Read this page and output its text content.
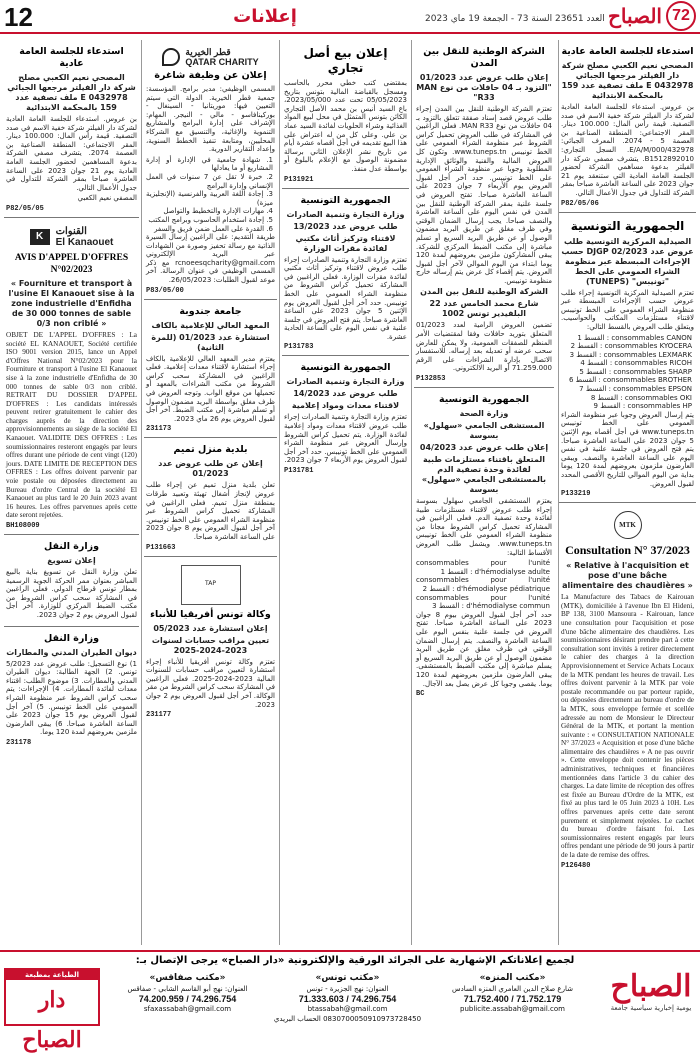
12	إعلانات	العدد 23651 السنة 73 - الجمعة 19 ماي 2023 الصباح 72
استدعاء للجلسة العامة عادية
المصحي نعيم الكعبي مصلح شركة دار الفيلتر مرجعها الجبائي 0432978 E ملف تصفية عدد 159 بالمحكمة الابتدائية
بن عروس. استدعاء للجلسة العامة العادية لشركة دار الفيلتر شركة خفية الاسم في صدد التصفية. قيمة رأس المال: 100.000 دينار. المقر الاجتماعي: المنطقة الصناعية بن العصمة 5 - 2074. المعرف الجبائي: 432978/E/A/M/000. السجل التجاري: B1512892010. يتشرف مصفي شركة دار الفيلتر بدعوة مساهمي الشركة لحضور الجلسة العامة العادية التي ستنعقد يوم 21 جوان 2023 على الساعة العاشرة صباحا بمقر الشركة للتداول في جدول الأعمال التالي.
P82/05/06
الجمهورية التونسية
الصيدلية المركزية التونسية طلب عروض عدد DJGP 02/2023 حسب الإجراءات المبسطة عبر منظومة الشراء العمومي على الخط "تونيبس" (TUNEPS)
تعتزم الصيدلية المركزية التونسية إجراء طلب عروض حسب الإجراءات المبسطة عبر منظومة الشراء العمومي على الخط تونيبس لاقتناء مستلزمات المكاتب والحواسيب. ويتعلق طلب العروض بالقسط التالي:
consommables CANON : القسط 1
consommables KYOCERA : القسط 2
consommables LEXMARK : القسط 3
consommables RICOH : القسط 4
consommables SHARP : القسط 5
consommables BROTHER : القسط 6
consommables EPSON : القسط 7
consommables OKI : القسط 8
consommables HP : القسط 9
يتم إرسال العروض وجوبا عبر منظومة الشراء العمومي على الخط تونيبس www.tuneps.tn في أجل أقصاه يوم الإثنين 5 جوان 2023 على الساعة العاشرة صباحا. يتم فتح العروض في جلسة علنية في نفس اليوم على الساعة العاشرة والنصف. ويبقى العارضون ملزمون بعروضهم لمدة 120 يوما بداية من اليوم الموالي للتاريخ الأقصى المحدد لقبول العروض.
P133219
MTK
Consultation N° 37/2023
« Relative à l'acquisition et pose d'une bâche alimentaire des chaudières »
La Manufacture des Tabacs de Kairouan (MTK), domiciliée à l'avenue Ibn El Hideni, BP 138, 3100 Mansoura - Kairouan, lance une consultation pour l'acquisition et pose d'une bâche alimentaire des chaudières. Les soumissionnaires désirant prendre part à cette consultation sont invités à retirer directement le cahier des charges à la direction Approvisionnement et Service Achats Locaux de la MTK pendant les heures de travail. Les offres doivent parvenir à la MTK par voie postale recommandée ou par porteur rapide, ou déposées directement au bureau d'ordre de la MTK, sous enveloppe fermée et scellée adressée au nom de Monsieur le Directeur Général de la MTK, et portant la mention suivante : « CONSULTATION NATIONALE N° 37/2023 « Acquisition et pose d'une bâche alimentaire des chaudières » A ne pas ouvrir ». Cette enveloppe doit contenir les pièces administratives, techniques et financières mentionnées dans l'article 3 du cahier des charges. La date limite de réception des offres est fixée au Bureau d'Ordre de la MTK, est fixé au plus tard le 05 Juin 2023 à 10H. Les offres parvenues après cette date seront purement et simplement rejetées. Le cachet du bureau d'ordre faisant foi. Les soumissionnaires restent engagés par leurs offres pendant une période de 90 jours à partir de la date de remise des offres.
P126480
الشركة الوطنية للنقل بين المدن
إعلان طلب عروض عدد 01/2023 "التزود بـ 04 حافلات من نوع MAN R33"
تعتزم الشركة الوطنية للنقل بين المدن إجراء طلب عروض قصد إسناد صفقة تتعلق بالتزود بـ 04 حافلات من نوع MAN R33. فعلى الراغبين في المشاركة في طلب العروض تحميل كراس الشروط عبر منظومة الشراء العمومي على الخط تونيبس www.tuneps.tn. وتكون كل العروض المالية والفنية والوثائق الإدارية المطلوبة وجوبا عبر منظومة الشراء العمومي على الخط تونيبس. حدد آخر أجل لقبول العروض يوم الأربعاء 7 جوان 2023 على الساعة العاشرة صباحا. تفتح العروض في جلسة علنية بمقر الشركة الوطنية للنقل بين المدن في نفس اليوم على الساعة العاشرة والنصف صباحا. يجب إرسال الضمان الوقتي وفي ظرف مغلق عن طريق البريد مضمون الوصول أو عن طريق البريد السريع أو تسلم مباشرة إلى مكتب الضبط المركزي للشركة. يبقى المشاركون ملزمين بعروضهم لمدة 120 يوما ابتداء من اليوم الموالي لآخر أجل لقبول العروض. يتم إقصاء كل عرض يتم إرساله خارج منظومة تونيبس.
الشركة الوطنية للنقل بين المدن
شارع محمد الخامس عدد 22 البلفيدير تونس 1002
تضمين العروض الرامية لعدد 01/2023 المتعلق بتوريد حافلات وفقا لمقتضيات الأمر المنظم للصفقات العمومية، ولا يمكن للعارض سحب عرضه أو تعديله بعد إرساله. للاستفسار الاتصال بإدارة الشراءات على الرقم 71.259.000 أو البريد الالكتروني.
P132853
الجمهورية التونسية
وزارة الصحة
المستشفى الجامعي «سهلول» بسوسة
إعلان طلب عروض عدد 04/2023
المتعلق باقتناء مستلزمات طبية لفائدة وحدة تصفية الدم بالمستشفى الجامعي «سهلول» بسوسة
يعتزم المستشفى الجامعي سهلول بسوسة إجراء طلب عروض لاقتناء مستلزمات طبية لفائدة وحدة تصفية الدم. فعلى الراغبين في المشاركة تحميل كراس الشروط مجانا من منظومة الشراء العمومي على الخط تونيبس www.tuneps.tn. ويشمل طلب العروض الأقساط التالية:
consommables pour l'unité d'hémodialyse adulte : القسط 1
consommables pour l'unité d'hémodialyse pédiatrique : القسط 2
consommables pour l'unité d'hémodialyse commun : القسط 3
حدد آخر أجل لقبول العروض بيوم 8 جوان 2023 على الساعة العاشرة صباحا. تفتح العروض في جلسة علنية بنفس اليوم على الساعة العاشرة والنصف. يتم إرسال الضمان الوقتي في ظرف مغلق عن طريق البريد مضمون الوصول أو عن طريق البريد السريع أو يسلم مباشرة إلى مكتب الضبط بالمستشفى. يبقى العارضون ملزمين بعروضهم لمدة 120 يوما. يقصى وجوبا كل عرض يصل بعد الآجال.
BC
إعلان بيع أصل تجاري
بمقتضى كتب خطي محرر بالحاسب ومسجل بالقباضة المالية بتونس بتاريخ 05/05/2023 تحت عدد 2023/05/000، باع السيد أنيس بن محمد الأصل التجاري الكائن بتونس المتمثل في محل لبيع المواد الغذائية وشراء الحلويات لفائدة السيد عماد بن علي. وعلى كل من له اعتراض على هذا البيع تقديمه في أجل أقصاه عشرة أيام من تاريخ نشر الإعلان الثاني برسالة مضمونة الوصول مع الإعلام بالبلوغ أو بواسطة عدل منفذ.
P131921
الجمهورية التونسية
وزارة التجارة وتنمية الصادرات
طلب عروض عدد 13/2023
لاقتناء وتركيز أثاث مكتبي لفائدة مقرات الوزارة
تعتزم وزارة التجارة وتنمية الصادرات إجراء طلب عروض لاقتناء وتركيز أثاث مكتبي لفائدة مقرات الوزارة. فعلى الراغبين في المشاركة تحميل كراس الشروط من منظومة الشراء العمومي على الخط تونيبس. حدد آخر أجل لقبول العروض يوم الإثنين 5 جوان 2023 على الساعة العاشرة صباحا. يتم فتح العروض في جلسة علنية في نفس اليوم على الساعة الحادية عشرة.
P131783
الجمهورية التونسية
وزارة التجارة وتنمية الصادرات
طلب عروض عدد 14/2023
لاقتناء معدات ومواد إعلامية
تعتزم وزارة التجارة وتنمية الصادرات إجراء طلب عروض لاقتناء معدات ومواد إعلامية لفائدة الوزارة. يتم تحميل كراس الشروط وإرسال العروض عبر منظومة الشراء العمومي على الخط تونيبس. حدد آخر أجل لقبول العروض يوم الأربعاء 7 جوان 2023.
P131781
قطر الخيرية
QATAR CHARITY
إعلان عن وظيفة شاغرة
المسمى الوظيفي: مدير برامج. المؤسسة: جمعية قطر الخيرية. الدولة التي سيتم التعيين فيها: موريتانيا - السينغال - بوركينافاسو - مالي - النيجر. المهام: الإشراف على إدارة البرامج والمشاريع التنموية والإغاثية، والتنسيق مع الشركاء المحليين، ومتابعة تنفيذ الخطط السنوية، وإعداد التقارير الدورية.
1. شهادة جامعية في الإدارة أو إدارة المشاريع أو ما يعادلها
2. خبرة لا تقل عن 7 سنوات في العمل الإنساني وإدارة البرامج
3. إجادة اللغة العربية والفرنسية (الإنجليزية ميزة)
4. مهارات الإدارة والتخطيط والتواصل
5. إجادة استخدام الحاسوب وبرامج المكتب
6. القدرة على العمل ضمن فريق والسفر
طريقة التقديم: على الراغبين إرسال السيرة الذاتية مع رسالة تحفيز وصورة من الشهادات عبر البريد الإلكتروني rcnoeesqcharity@gmail.com مع ذكر المسمى الوظيفي في عنوان الرسالة. آخر موعد لقبول الطلبات: 26/05/2023.
P83/05/00
جامعة جندوبة
المعهد العالي للإعلامية بالكاف
استشارة عدد 01/2023 (للمرة الثانية)
يعتزم مدير المعهد العالي للإعلامية بالكاف إجراء استشارة لاقتناء معدات إعلامية. فعلى الراغبين في المشاركة سحب كراس الشروط من مكتب الشراءات بالمعهد أو تحميلها من موقع الواب. وتوجه العروض في ظرف مغلق بواسطة البريد مضمون الوصول أو تسلم مباشرة إلى مكتب الضبط. آخر أجل لقبول العروض يوم 26 ماي 2023.
231173
بلدية منزل تميم
إعلان عن طلب عروض عدد 01/2023
تعلن بلدية منزل تميم عن إجراء طلب عروض لإنجاز أشغال تهيئة وتعبيد طرقات بمنطقة منزل تميم. فعلى الراغبين في المشاركة تحميل كراس الشروط عبر منظومة الشراء العمومي على الخط تونيبس. آخر أجل لقبول العروض يوم 8 جوان 2023 على الساعة العاشرة صباحا.
P131663
TAP
وكالة تونس أفريقيا للأنباء
إعلان استشارة عدد 05/2023
تعيين مراقب حسابات لسنوات 2023-2024-2025
تعتزم وكالة تونس أفريقيا للأنباء إجراء استشارة لتعيين مراقب حسابات للسنوات المالية 2023-2024-2025. فعلى الراغبين في المشاركة سحب كراس الشروط من مقر الوكالة. آخر أجل لقبول العروض يوم 2 جوان 2023.
231177
استدعاء للجلسة العامة عادية
المصحي نعيم الكعبي مصلح شركة دار الفيلتر مرجعها الجبائي 0432978 E ملف تصفية عدد 159 بالمحكمة الابتدائية
بن عروس. استدعاء للجلسة العامة العادية لشركة دار الفيلتر شركة خفية الاسم في صدد التصفية. قيمة رأس المال: 100.000 دينار. المقر الاجتماعي: المنطقة الصناعية بن العصمة 2074. يتشرف مصفي الشركة بدعوة المساهمين لحضور الجلسة العامة العادية يوم 21 جوان 2023 على الساعة العاشرة صباحا بمقر الشركة للتداول في جدول الأعمال التالي.
المصفي نعيم الكعبي
P82/05/05
K	القنوات
El Kanaouet
AVIS D'APPEL D'OFFRES N°02/2023
« Fourniture et transport à l'usine El Kanaouet sise à la zone industrielle d'Enfidha de 30 000 tonnes de sable 0/3 non criblé »
OBJET DE L'APPEL D'OFFRES : La société EL KANAOUET, Société certifiée ISO 9001 version 2015, lance un Appel d'Offres National N°02/2023 pour la Fourniture et transport à l'usine El Kanaouet sise à la zone industrielle d'Enfidha de 30 000 tonnes de sable 0/3 non criblé. RETRAIT DU DOSSIER D'APPEL D'OFFRES : Les candidats intéressés peuvent retirer gratuitement le cahier des charges auprès de la direction des approvisionnements au siège de la société El Kanaouet. VALIDITE DES OFFRES : Les soumissionnaires resteront engagés par leurs offres durant une période de cent vingt (120) jours. DATE LIMITE DE RECEPTION DES OFFRES : Les offres doivent parvenir par voie postale ou déposées directement au Bureau d'ordre Central de la société El Kanaouet au plus tard le 20 Juin 2023 avant 16 heures. Les offres parvenues après cette date seront rejetées.
BH108009
وزارة النقل
إعلان تسويغ
تعلن وزارة النقل عن تسويغ بناية بالبيع المباشر بعنوان ممر الحركة الجوية الرسمية بمطار تونس قرطاج الدولي. فعلى الراغبين في المشاركة سحب كراس الشروط من مكتب الضبط المركزي للوزارة. آخر أجل لقبول العروض يوم 2 جوان 2023.
وزارة النقل
ديوان الطيران المدني والمطارات
1) نوع التسجيل: طلب عروض عدد 5/2023 تونس. 2) الجهة الطالبة: ديوان الطيران المدني والمطارات. 3) موضوع الطلب: اقتناء معدات لفائدة المطارات. 4) الإجراءات: يتم سحب كراس الشروط عبر منظومة الشراء العمومي على الخط تونيبس. 5) آخر أجل لقبول العروض يوم 15 جوان 2023 على الساعة العاشرة صباحا. 6) يبقى العارضون ملزمين بعروضهم لمدة 120 يوما.
231178
لجميع إعلاناتكم الإشهارية على الجرائد الورقية والإلكترونية «دار الصباح» يرجى الإتصال بـ:
الصباح
يومية إخبارية سياسية جامعة
«مكتب المنزه»
شارع صلاح الدين العامري المنزه السادس
71.752.400 / 71.752.179
publicite.assabah@gmail.com
«مكتب تونس»
العنوان: نهج الجزيرة - تونس
71.333.603 / 74.296.754
btassabah@gmail.com
0830700050910973728450 الحساب البريدي
«مكتب صفاقس»
العنوان: نهج أبو القاسم الشابي - صفاقس
74.200.959 / 74.296.754
sfaxassabah@gmail.com
الطباعة بمطبعة
دار الصباح
